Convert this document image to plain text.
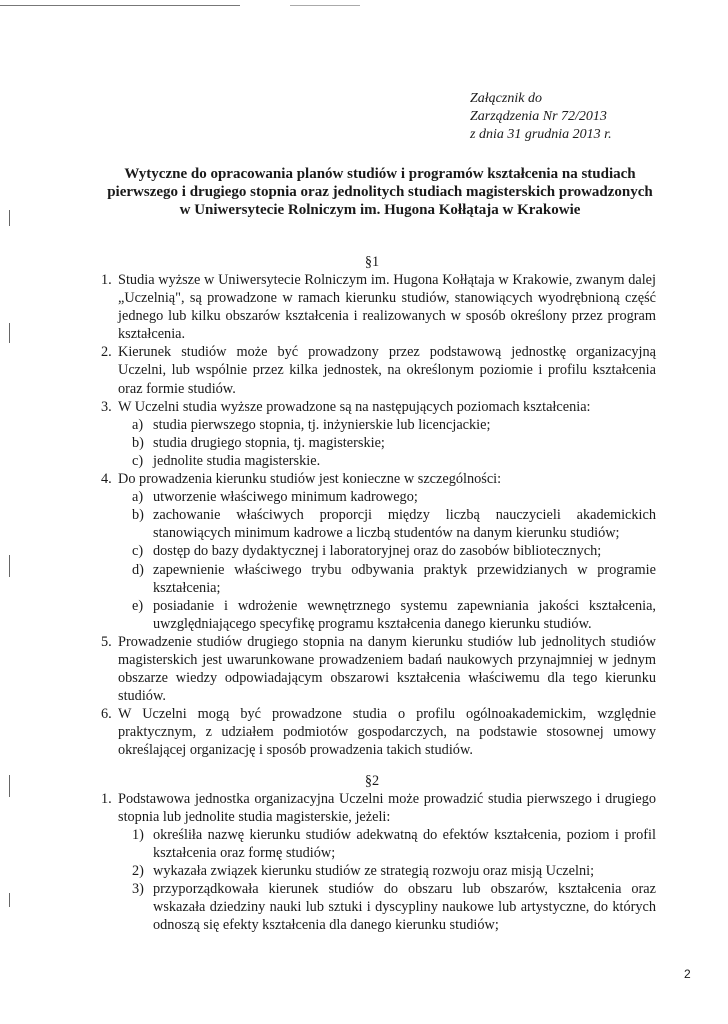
Załącznik do
Zarządzenia Nr 72/2013
z dnia 31 grudnia 2013 r.
Wytyczne do opracowania planów studiów i programów kształcenia na studiach
pierwszego i drugiego stopnia oraz jednolitych studiach magisterskich prowadzonych
w Uniwersytecie Rolniczym im. Hugona Kołłątaja w Krakowie
§1
1. Studia wyższe w Uniwersytecie Rolniczym im. Hugona Kołłątaja w Krakowie, zwanym dalej „Uczelnią", są prowadzone w ramach kierunku studiów, stanowiących wyodrębnioną część jednego lub kilku obszarów kształcenia i realizowanych w sposób określony przez program kształcenia.
2. Kierunek studiów może być prowadzony przez podstawową jednostkę organizacyjną Uczelni, lub wspólnie przez kilka jednostek, na określonym poziomie i profilu kształcenia oraz formie studiów.
3. W Uczelni studia wyższe prowadzone są na następujących poziomach kształcenia:
a) studia pierwszego stopnia, tj. inżynierskie lub licencjackie;
b) studia drugiego stopnia, tj. magisterskie;
c) jednolite studia magisterskie.
4. Do prowadzenia kierunku studiów jest konieczne w szczególności:
a) utworzenie właściwego minimum kadrowego;
b) zachowanie właściwych proporcji między liczbą nauczycieli akademickich stanowiących minimum kadrowe a liczbą studentów na danym kierunku studiów;
c) dostęp do bazy dydaktycznej i laboratoryjnej oraz do zasobów bibliotecznych;
d) zapewnienie właściwego trybu odbywania praktyk przewidzianych w programie kształcenia;
e) posiadanie i wdrożenie wewnętrznego systemu zapewniania jakości kształcenia, uwzględniającego specyfikę programu kształcenia danego kierunku studiów.
5. Prowadzenie studiów drugiego stopnia na danym kierunku studiów lub jednolitych studiów magisterskich jest uwarunkowane prowadzeniem badań naukowych przynajmniej w jednym obszarze wiedzy odpowiadającym obszarowi kształcenia właściwemu dla tego kierunku studiów.
6. W Uczelni mogą być prowadzone studia o profilu ogólnoakademickim, względnie praktycznym, z udziałem podmiotów gospodarczych, na podstawie stosownej umowy określającej organizację i sposób prowadzenia takich studiów.
§2
1. Podstawowa jednostka organizacyjna Uczelni może prowadzić studia pierwszego i drugiego stopnia lub jednolite studia magisterskie, jeżeli:
1) określiła nazwę kierunku studiów adekwatną do efektów kształcenia, poziom i profil kształcenia oraz formę studiów;
2) wykazała związek kierunku studiów ze strategią rozwoju oraz misją Uczelni;
3) przyporządkowała kierunek studiów do obszaru lub obszarów, kształcenia oraz wskazała dziedziny nauki lub sztuki i dyscypliny naukowe lub artystyczne, do których odnoszą się efekty kształcenia dla danego kierunku studiów;
2
